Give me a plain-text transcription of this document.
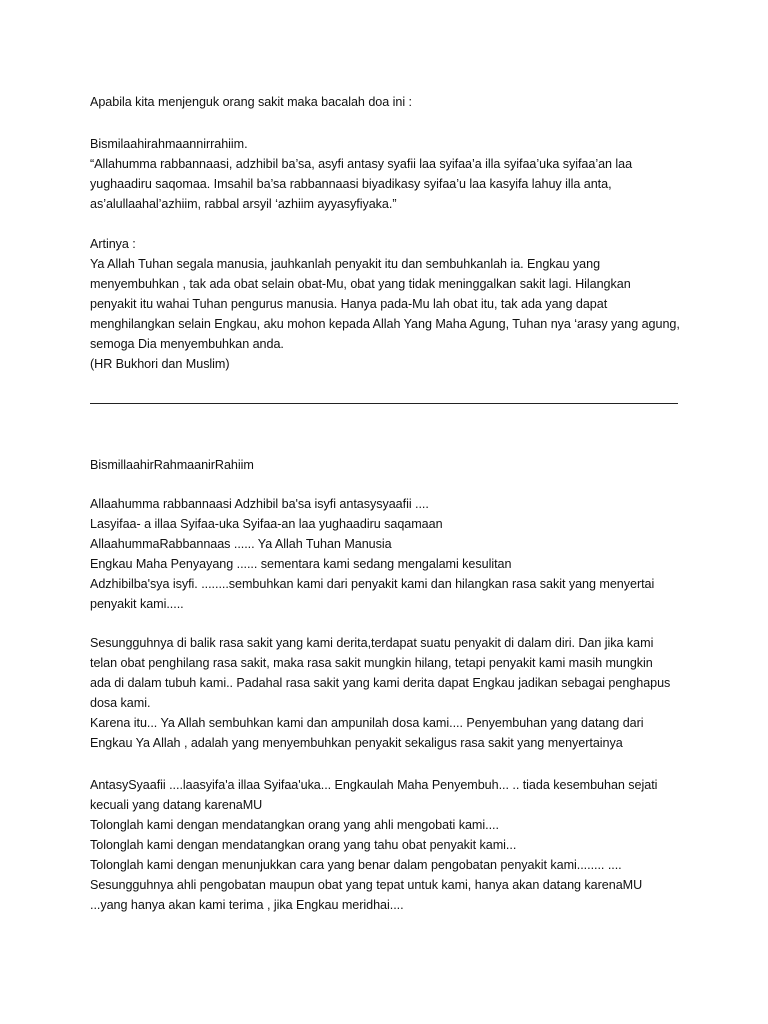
Apabila kita menjenguk orang sakit maka bacalah doa ini :
Bismilaahirahmaannirrahiim.
“Allahumma rabbannaasi, adzhibil ba’sa, asyfi antasy syafii laa syifaa’a illa syifaa’uka syifaa’an laa
yughaadiru saqomaa. Imsahil ba’sa rabbannaasi biyadikasy syifaa’u laa kasyifa lahuy illa anta,
as’alullaahal’azhiim, rabbal arsyil ‘azhiim ayyasyfiyaka.”
Artinya :
Ya Allah Tuhan segala manusia, jauhkanlah penyakit itu dan sembuhkanlah ia. Engkau yang
menyembuhkan , tak ada obat selain obat-Mu, obat yang tidak meninggalkan sakit lagi. Hilangkan
penyakit itu wahai Tuhan pengurus manusia. Hanya pada-Mu lah obat itu, tak ada yang dapat
menghilangkan selain Engkau, aku mohon kepada Allah Yang Maha Agung, Tuhan nya ‘arasy yang agung,
semoga Dia menyembuhkan anda.
(HR Bukhori dan Muslim)
BismillaahirRahmaanirRahiim
Allaahumma rabbannaasi Adzhibil ba'sa isyfi antasysyaafii ....
Lasyifaa- a illaa Syifaa-uka Syifaa-an laa yughaadiru saqamaan
AllaahummaRabbannaas ...... Ya Allah Tuhan Manusia
Engkau Maha Penyayang ...... sementara kami sedang mengalami kesulitan
Adzhibilba'sya isyfi. ........sembuhkan kami dari penyakit kami dan hilangkan rasa sakit yang menyertai
penyakit kami.....
Sesungguhnya di balik rasa sakit yang kami derita,terdapat suatu penyakit di dalam diri. Dan jika kami
telan obat penghilang rasa sakit, maka rasa sakit mungkin hilang, tetapi penyakit kami masih mungkin
ada di dalam tubuh kami.. Padahal rasa sakit yang kami derita dapat Engkau jadikan sebagai penghapus
dosa kami.
Karena itu... Ya Allah sembuhkan kami dan ampunilah dosa kami.... Penyembuhan yang datang dari
Engkau Ya Allah , adalah yang menyembuhkan penyakit sekaligus rasa sakit yang menyertainya
AntasySyaafii ....laasyifa'a illaa Syifaa'uka... Engkaulah Maha Penyembuh... .. tiada kesembuhan sejati
kecuali yang datang karenaMU
Tolonglah kami dengan mendatangkan orang yang ahli mengobati kami....
Tolonglah kami dengan mendatangkan orang yang tahu obat penyakit kami...
Tolonglah kami dengan menunjukkan cara yang benar dalam pengobatan penyakit kami........ ....
Sesungguhnya ahli pengobatan maupun obat yang tepat untuk kami, hanya akan datang karenaMU
...yang hanya akan kami terima , jika Engkau meridhai....
